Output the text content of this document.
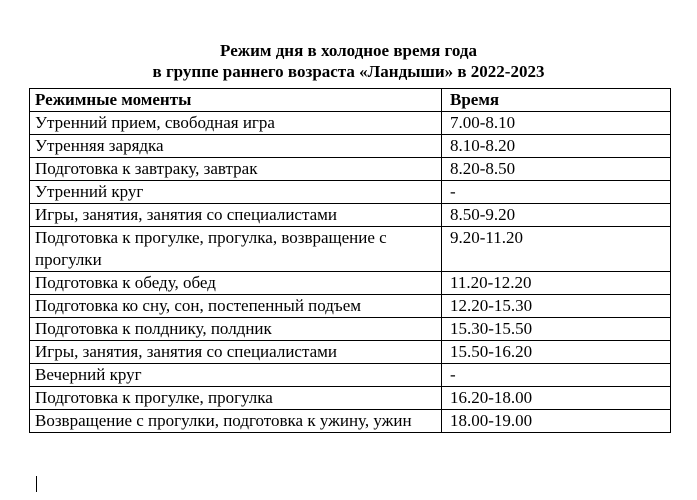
Режим дня в холодное время года
в группе раннего возраста «Ландыши» в 2022-2023
Режимные моменты	Время
Утренний прием, свободная игра	7.00-8.10
Утренняя зарядка	8.10-8.20
Подготовка к завтраку, завтрак	8.20-8.50
Утренний круг	-
Игры, занятия, занятия со специалистами	8.50-9.20
Подготовка к прогулке, прогулка, возвращение с прогулки	9.20-11.20
Подготовка к обеду, обед	11.20-12.20
Подготовка ко сну, сон, постепенный подъем	12.20-15.30
Подготовка к полднику, полдник	15.30-15.50
Игры, занятия, занятия со специалистами	15.50-16.20
Вечерний круг	-
Подготовка к прогулке, прогулка	16.20-18.00
Возвращение с прогулки, подготовка к ужину, ужин	18.00-19.00
